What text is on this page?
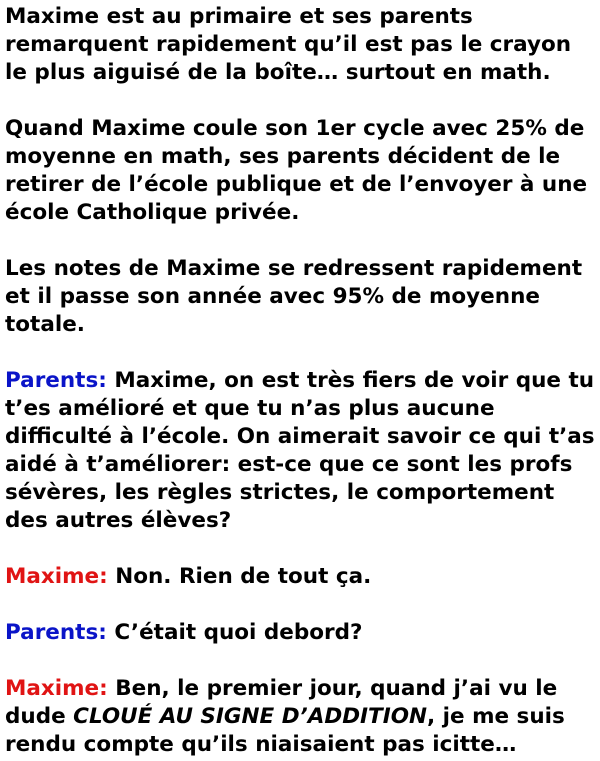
Maxime est au primaire et ses parents remarquent rapidement qu’il est pas le crayon le plus aiguisé de la boîte… surtout en math.

Quand Maxime coule son 1er cycle avec 25% de moyenne en math, ses parents décident de le retirer de l’école publique et de l’envoyer à une école Catholique privée.

Les notes de Maxime se redressent rapidement et il passe son année avec 95% de moyenne totale.

Parents: Maxime, on est très fiers de voir que tu t’es amélioré et que tu n’as plus aucune difficulté à l’école. On aimerait savoir ce qui t’as aidé à t’améliorer: est-ce que ce sont les profs sévères, les règles strictes, le comportement des autres élèves?

Maxime: Non. Rien de tout ça.

Parents: C’était quoi debord?

Maxime: Ben, le premier jour, quand j’ai vu le dude CLOUÉ AU SIGNE D’ADDITION, je me suis rendu compte qu’ils niaisaient pas icitte…
